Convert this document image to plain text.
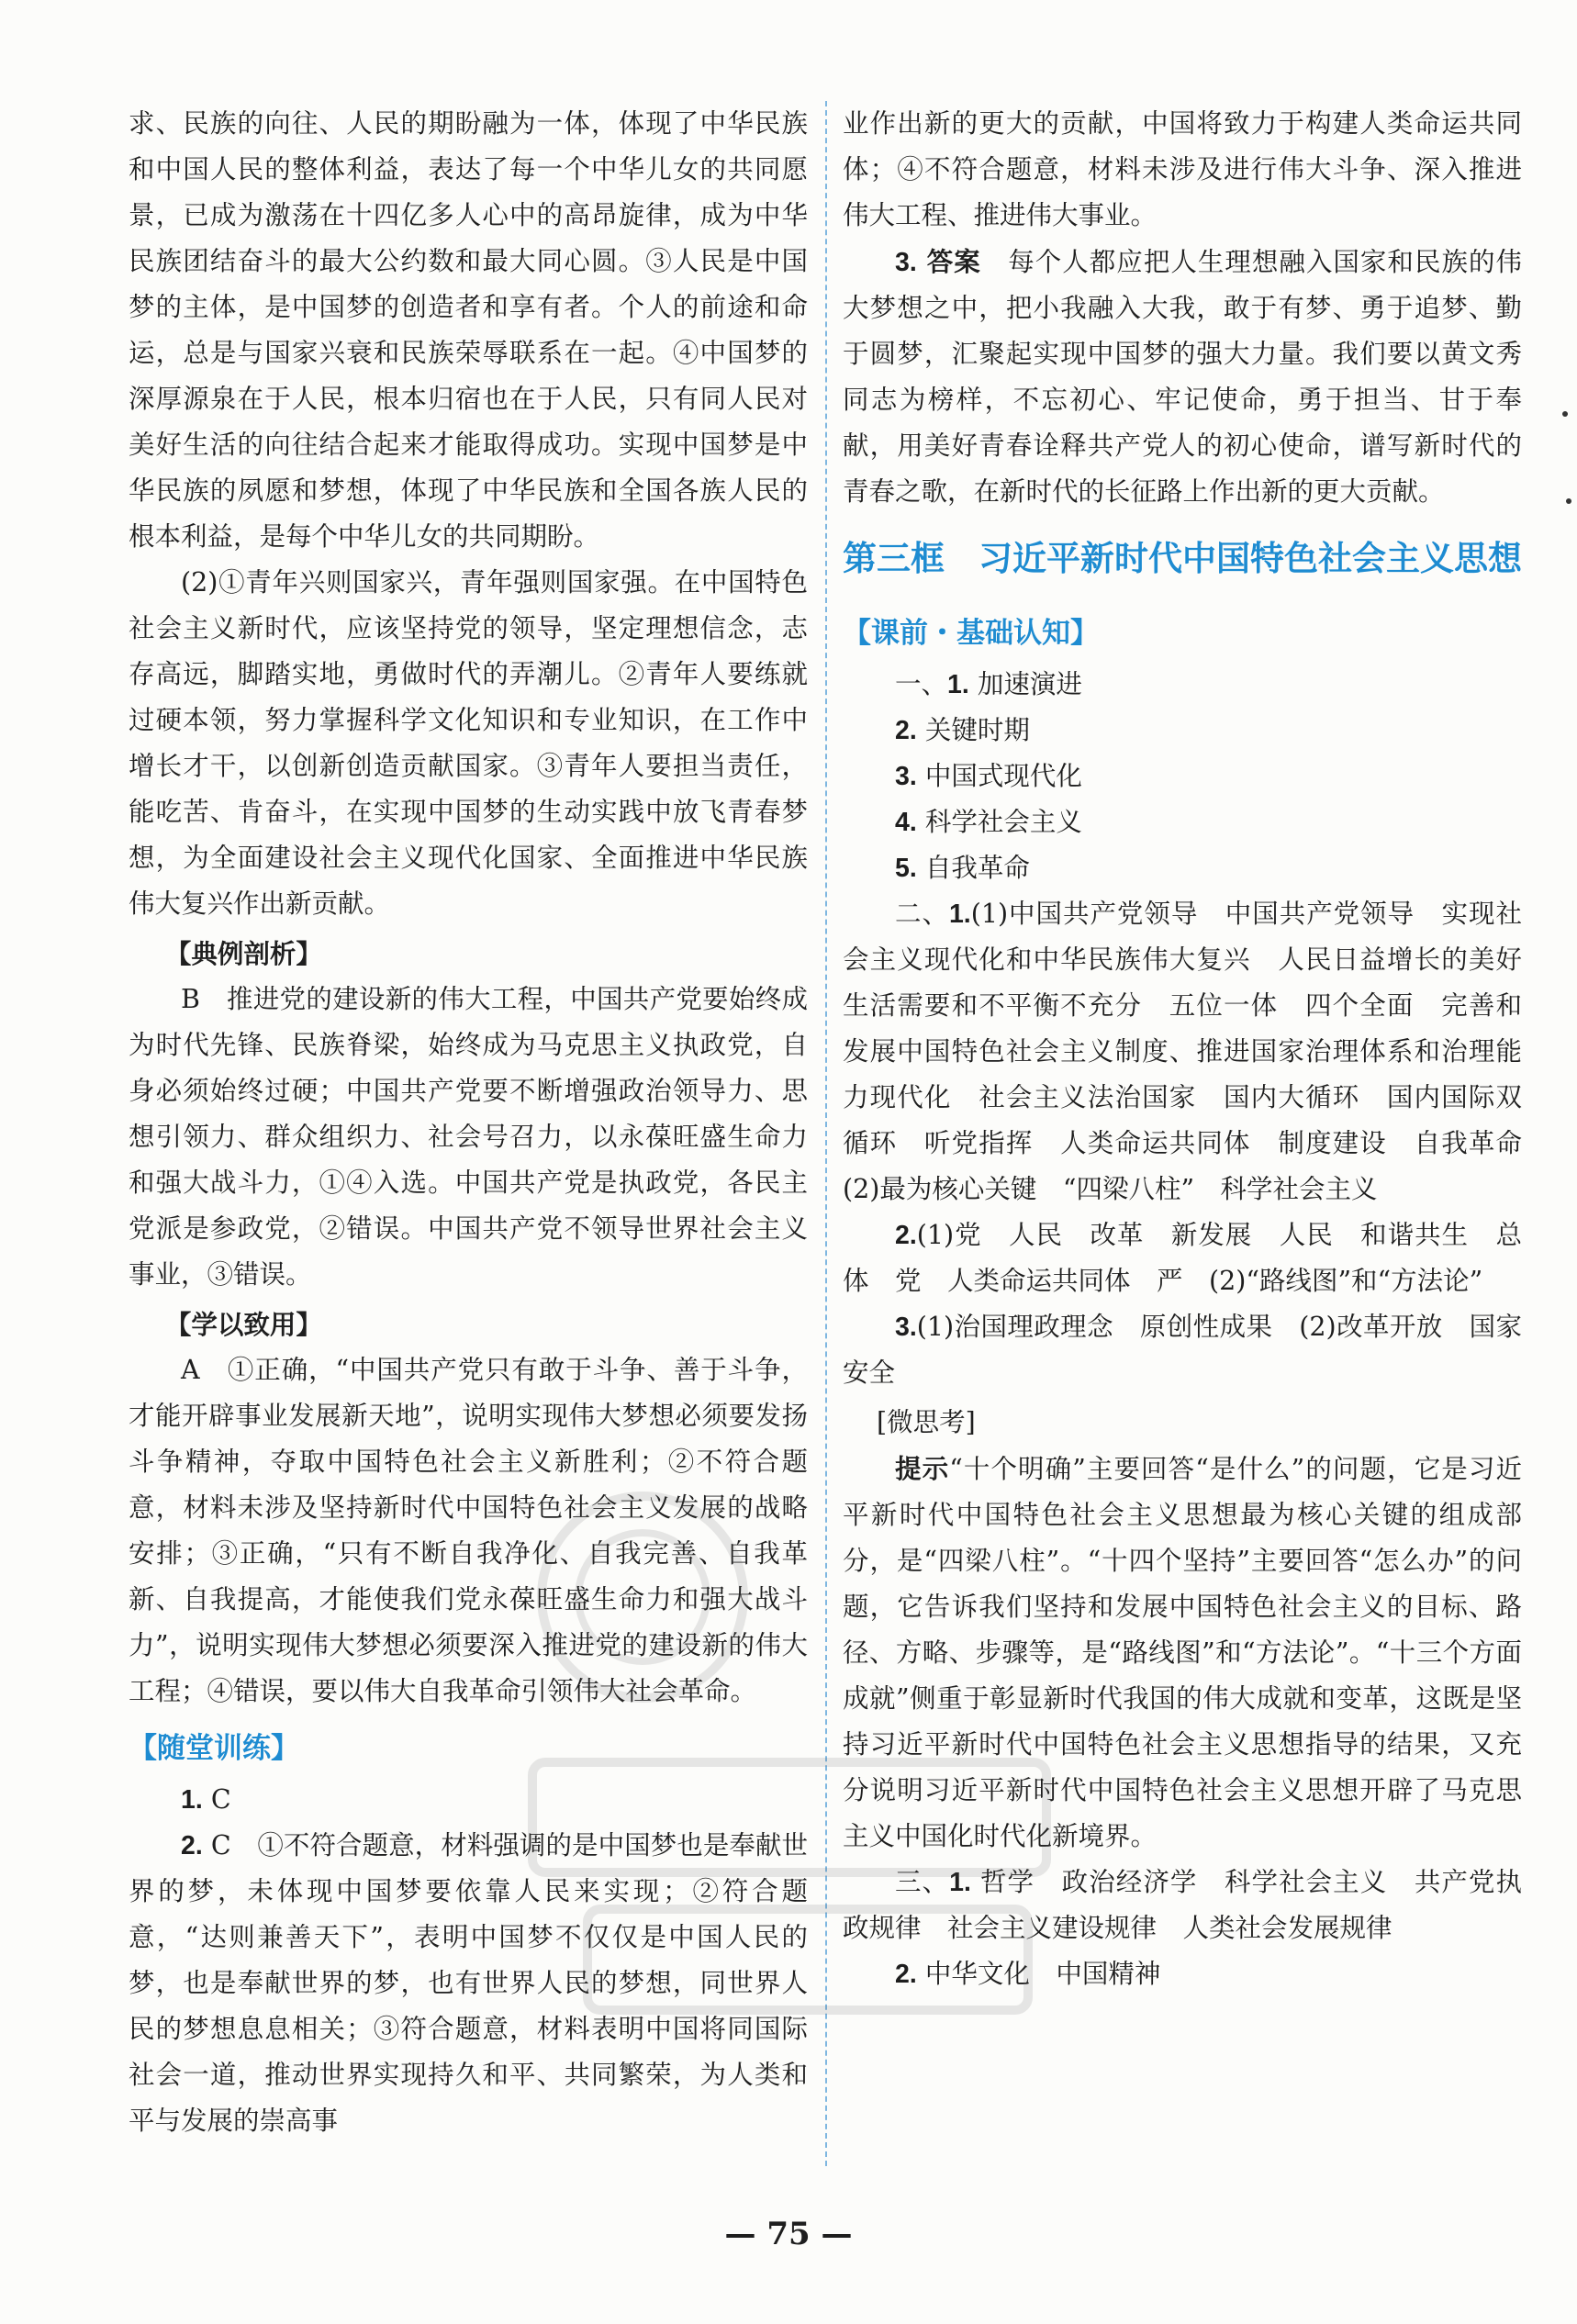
求、民族的向往、人民的期盼融为一体，体现了中华民族和中国人民的整体利益，表达了每一个中华儿女的共同愿景，已成为激荡在十四亿多人心中的高昂旋律，成为中华民族团结奋斗的最大公约数和最大同心圆。③人民是中国梦的主体，是中国梦的创造者和享有者。个人的前途和命运，总是与国家兴衰和民族荣辱联系在一起。④中国梦的深厚源泉在于人民，根本归宿也在于人民，只有同人民对美好生活的向往结合起来才能取得成功。实现中国梦是中华民族的夙愿和梦想，体现了中华民族和全国各族人民的根本利益，是每个中华儿女的共同期盼。

(2)①青年兴则国家兴，青年强则国家强。在中国特色社会主义新时代，应该坚持党的领导，坚定理想信念，志存高远，脚踏实地，勇做时代的弄潮儿。②青年人要练就过硬本领，努力掌握科学文化知识和专业知识，在工作中增长才干，以创新创造贡献国家。③青年人要担当责任，能吃苦、肯奋斗，在实现中国梦的生动实践中放飞青春梦想，为全面建设社会主义现代化国家、全面推进中华民族伟大复兴作出新贡献。

【典例剖析】

B　推进党的建设新的伟大工程，中国共产党要始终成为时代先锋、民族脊梁，始终成为马克思主义执政党，自身必须始终过硬；中国共产党要不断增强政治领导力、思想引领力、群众组织力、社会号召力，以永葆旺盛生命力和强大战斗力，①④入选。中国共产党是执政党，各民主党派是参政党，②错误。中国共产党不领导世界社会主义事业，③错误。

【学以致用】

A　①正确，“中国共产党只有敢于斗争、善于斗争，才能开辟事业发展新天地”，说明实现伟大梦想必须要发扬斗争精神，夺取中国特色社会主义新胜利；②不符合题意，材料未涉及坚持新时代中国特色社会主义发展的战略安排；③正确，“只有不断自我净化、自我完善、自我革新、自我提高，才能使我们党永葆旺盛生命力和强大战斗力”，说明实现伟大梦想必须要深入推进党的建设新的伟大工程；④错误，要以伟大自我革命引领伟大社会革命。

【随堂训练】

1. C

2. C　①不符合题意，材料强调的是中国梦也是奉献世界的梦，未体现中国梦要依靠人民来实现；②符合题意，“达则兼善天下”，表明中国梦不仅仅是中国人民的梦，也是奉献世界的梦，也有世界人民的梦想，同世界人民的梦想息息相关；③符合题意，材料表明中国将同国际社会一道，推动世界实现持久和平、共同繁荣，为人类和平与发展的崇高事

业作出新的更大的贡献，中国将致力于构建人类命运共同体；④不符合题意，材料未涉及进行伟大斗争、深入推进伟大工程、推进伟大事业。

3. 答案　每个人都应把人生理想融入国家和民族的伟大梦想之中，把小我融入大我，敢于有梦、勇于追梦、勤于圆梦，汇聚起实现中国梦的强大力量。我们要以黄文秀同志为榜样，不忘初心、牢记使命，勇于担当、甘于奉献，用美好青春诠释共产党人的初心使命，谱写新时代的青春之歌，在新时代的长征路上作出新的更大贡献。

第三框　习近平新时代中国特色社会主义思想
【课前・基础认知】

一、1. 加速演进

2. 关键时期

3. 中国式现代化

4. 科学社会主义

5. 自我革命

二、1.(1)中国共产党领导　中国共产党领导　实现社会主义现代化和中华民族伟大复兴　人民日益增长的美好生活需要和不平衡不充分　五位一体　四个全面　完善和发展中国特色社会主义制度、推进国家治理体系和治理能力现代化　社会主义法治国家　国内大循环　国内国际双循环　听党指挥　人类命运共同体　制度建设　自我革命 (2)最为核心关键　“四梁八柱”　科学社会主义

2.(1)党　人民　改革　新发展　人民　和谐共生　总体　党　人类命运共同体　严　(2)“路线图”和“方法论”

3.(1)治国理政理念　原创性成果　(2)改革开放　国家安全

[微思考]

提示“十个明确”主要回答“是什么”的问题，它是习近平新时代中国特色社会主义思想最为核心关键的组成部分，是“四梁八柱”。“十四个坚持”主要回答“怎么办”的问题，它告诉我们坚持和发展中国特色社会主义的目标、路径、方略、步骤等，是“路线图”和“方法论”。“十三个方面成就”侧重于彰显新时代我国的伟大成就和变革，这既是坚持习近平新时代中国特色社会主义思想指导的结果，又充分说明习近平新时代中国特色社会主义思想开辟了马克思主义中国化时代化新境界。

三、1. 哲学　政治经济学　科学社会主义　共产党执政规律　社会主义建设规律　人类社会发展规律

2. 中华文化　中国精神

— 75 —
